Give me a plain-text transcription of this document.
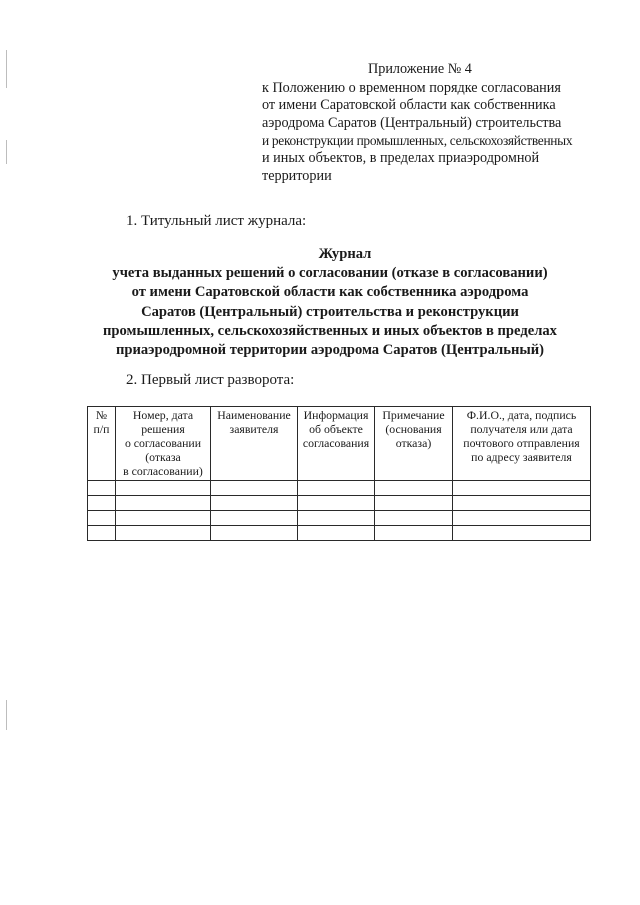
Приложение № 4
к Положению о временном порядке согласования
от имени Саратовской области как собственника
аэродрома Саратов (Центральный) строительства
и реконструкции промышленных, сельскохозяйственных
и иных объектов, в пределах приаэродромной
территории
1. Титульный лист журнала:
Журнал
учета выданных решений о согласовании (отказе в согласовании)
от имени Саратовской области как собственника аэродрома
Саратов (Центральный) строительства и реконструкции
промышленных, сельскохозяйственных и иных объектов в пределах
приаэродромной территории аэродрома Саратов (Центральный)
2. Первый лист разворота:
№
п/п	Номер, дата
решения
о согласовании
(отказа
в согласовании)	Наименование
заявителя	Информация
об объекте
согласования	Примечание
(основания
отказа)	Ф.И.О., дата, подпись
получателя или дата
почтового отправления
по адресу заявителя
